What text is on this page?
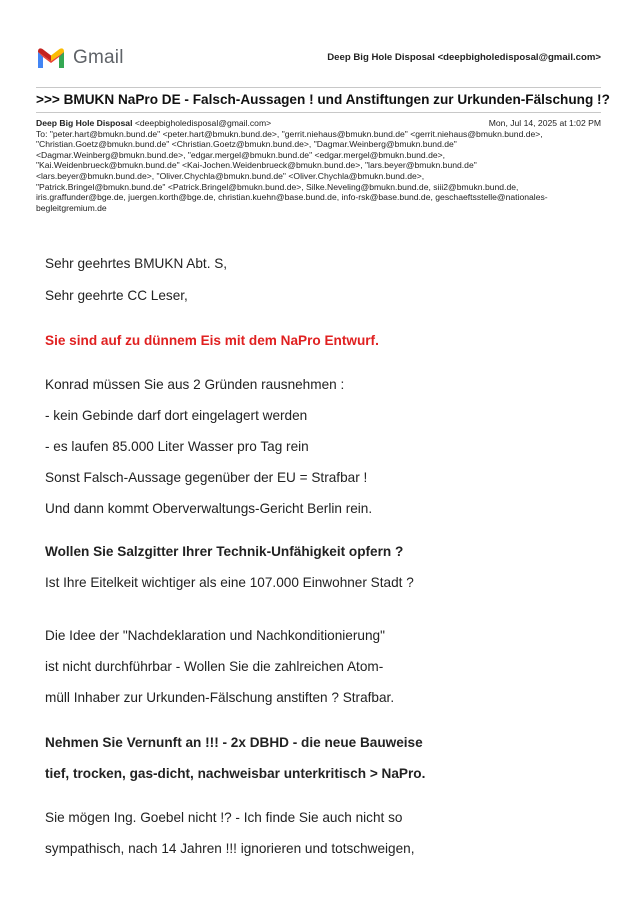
Gmail	Deep Big Hole Disposal <deepbigholedisposal@gmail.com>
>>> BMUKN NaPro DE - Falsch-Aussagen ! und Anstiftungen zur Urkunden-Fälschung !?
Deep Big Hole Disposal <deepbigholedisposal@gmail.com>	Mon, Jul 14, 2025 at 1:02 PM
To: "peter.hart@bmukn.bund.de" <peter.hart@bmukn.bund.de>, "gerrit.niehaus@bmukn.bund.de" <gerrit.niehaus@bmukn.bund.de>,
"Christian.Goetz@bmukn.bund.de" <Christian.Goetz@bmukn.bund.de>, "Dagmar.Weinberg@bmukn.bund.de"
<Dagmar.Weinberg@bmukn.bund.de>, "edgar.mergel@bmukn.bund.de" <edgar.mergel@bmukn.bund.de>,
"Kai.Weidenbrueck@bmukn.bund.de" <Kai-Jochen.Weidenbrueck@bmukn.bund.de>, "lars.beyer@bmukn.bund.de"
<lars.beyer@bmukn.bund.de>, "Oliver.Chychla@bmukn.bund.de" <Oliver.Chychla@bmukn.bund.de>,
"Patrick.Bringel@bmukn.bund.de" <Patrick.Bringel@bmukn.bund.de>, Silke.Neveling@bmukn.bund.de, siii2@bmukn.bund.de,
iris.graffunder@bge.de, juergen.korth@bge.de, christian.kuehn@base.bund.de, info-rsk@base.bund.de, geschaeftsstelle@nationales-
begleitgremium.de
Sehr geehrtes BMUKN Abt. S,
Sehr geehrte CC Leser,
Sie sind auf zu dünnem Eis mit dem NaPro Entwurf.
Konrad müssen Sie aus 2 Gründen rausnehmen :
- kein Gebinde darf dort eingelagert werden
- es laufen 85.000 Liter Wasser pro Tag rein
Sonst Falsch-Aussage gegenüber der EU = Strafbar !
Und dann kommt Oberverwaltungs-Gericht Berlin rein.
Wollen Sie Salzgitter Ihrer Technik-Unfähigkeit opfern ?
Ist Ihre Eitelkeit wichtiger als eine 107.000 Einwohner Stadt ?
Die Idee der "Nachdeklaration und Nachkonditionierung"
ist nicht durchführbar - Wollen Sie die zahlreichen Atom-
müll Inhaber zur Urkunden-Fälschung anstiften ? Strafbar.
Nehmen Sie Vernunft an !!! - 2x DBHD - die neue Bauweise
tief, trocken, gas-dicht, nachweisbar unterkritisch > NaPro.
Sie mögen Ing. Goebel nicht !? - Ich finde Sie auch nicht so
sympathisch, nach 14 Jahren !!! ignorieren und totschweigen,
